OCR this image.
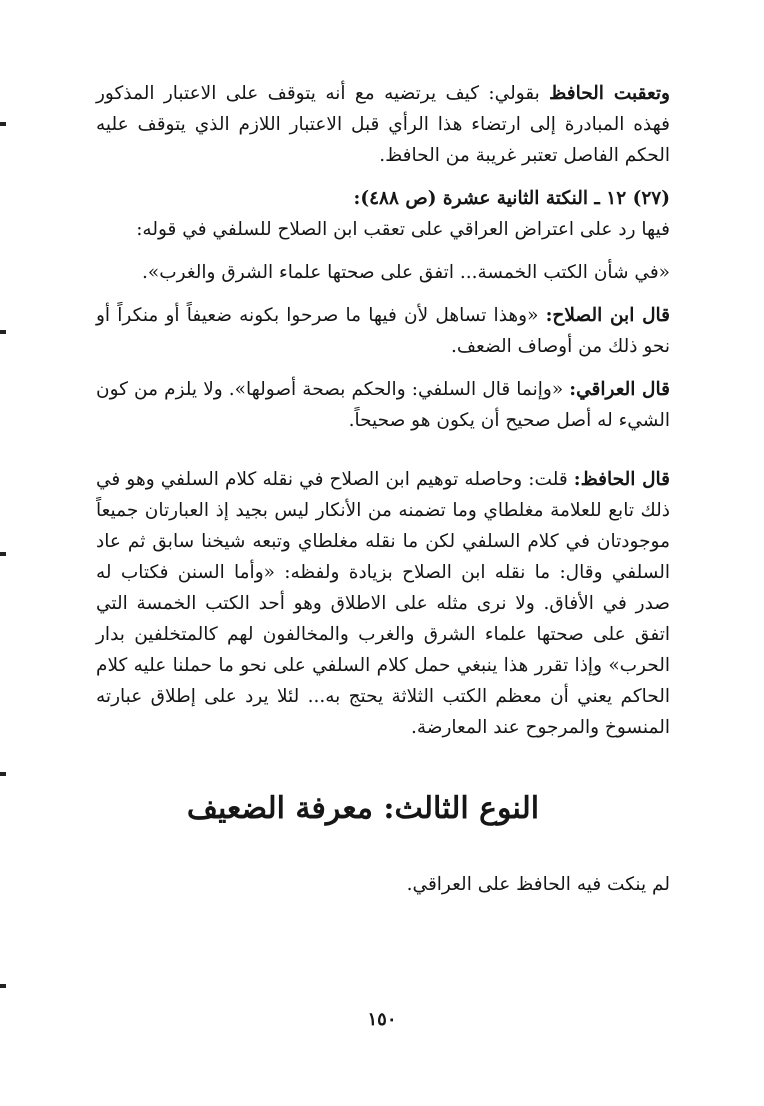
وتعقبت الحافظ بقولي: كيف يرتضيه مع أنه يتوقف على الاعتبار المذكور فهذه المبادرة إلى ارتضاء هذا الرأي قبل الاعتبار اللازم الذي يتوقف عليه الحكم الفاصل تعتبر غريبة من الحافظ.

(٢٧) ١٢ ـ النكتة الثانية عشرة (ص ٤٨٨):

فيها رد على اعتراض العراقي على تعقب ابن الصلاح للسلفي في قوله:

«في شأن الكتب الخمسة... اتفق على صحتها علماء الشرق والغرب».

قال ابن الصلاح: «وهذا تساهل لأن فيها ما صرحوا بكونه ضعيفاً أو منكراً أو نحو ذلك من أوصاف الضعف.

قال العراقي: «وإنما قال السلفي: والحكم بصحة أصولها». ولا يلزم من كون الشيء له أصل صحيح أن يكون هو صحيحاً.

قال الحافظ: قلت: وحاصله توهيم ابن الصلاح في نقله كلام السلفي وهو في ذلك تابع للعلامة مغلطاي وما تضمنه من الأنكار ليس بجيد إذ العبارتان جميعاً موجودتان في كلام السلفي لكن ما نقله مغلطاي وتبعه شيخنا سابق ثم عاد السلفي وقال: ما نقله ابن الصلاح بزيادة ولفظه: «وأما السنن فكتاب له صدر في الأفاق. ولا نرى مثله على الاطلاق وهو أحد الكتب الخمسة التي اتفق على صحتها علماء الشرق والغرب والمخالفون لهم كالمتخلفين بدار الحرب» وإذا تقرر هذا ينبغي حمل كلام السلفي على نحو ما حملنا عليه كلام الحاكم يعني أن معظم الكتب الثلاثة يحتج به... لئلا يرد على إطلاق عبارته المنسوخ والمرجوح عند المعارضة.

النوع الثالث: معرفة الضعيف

لم ينكت فيه الحافظ على العراقي.

١٥٠
